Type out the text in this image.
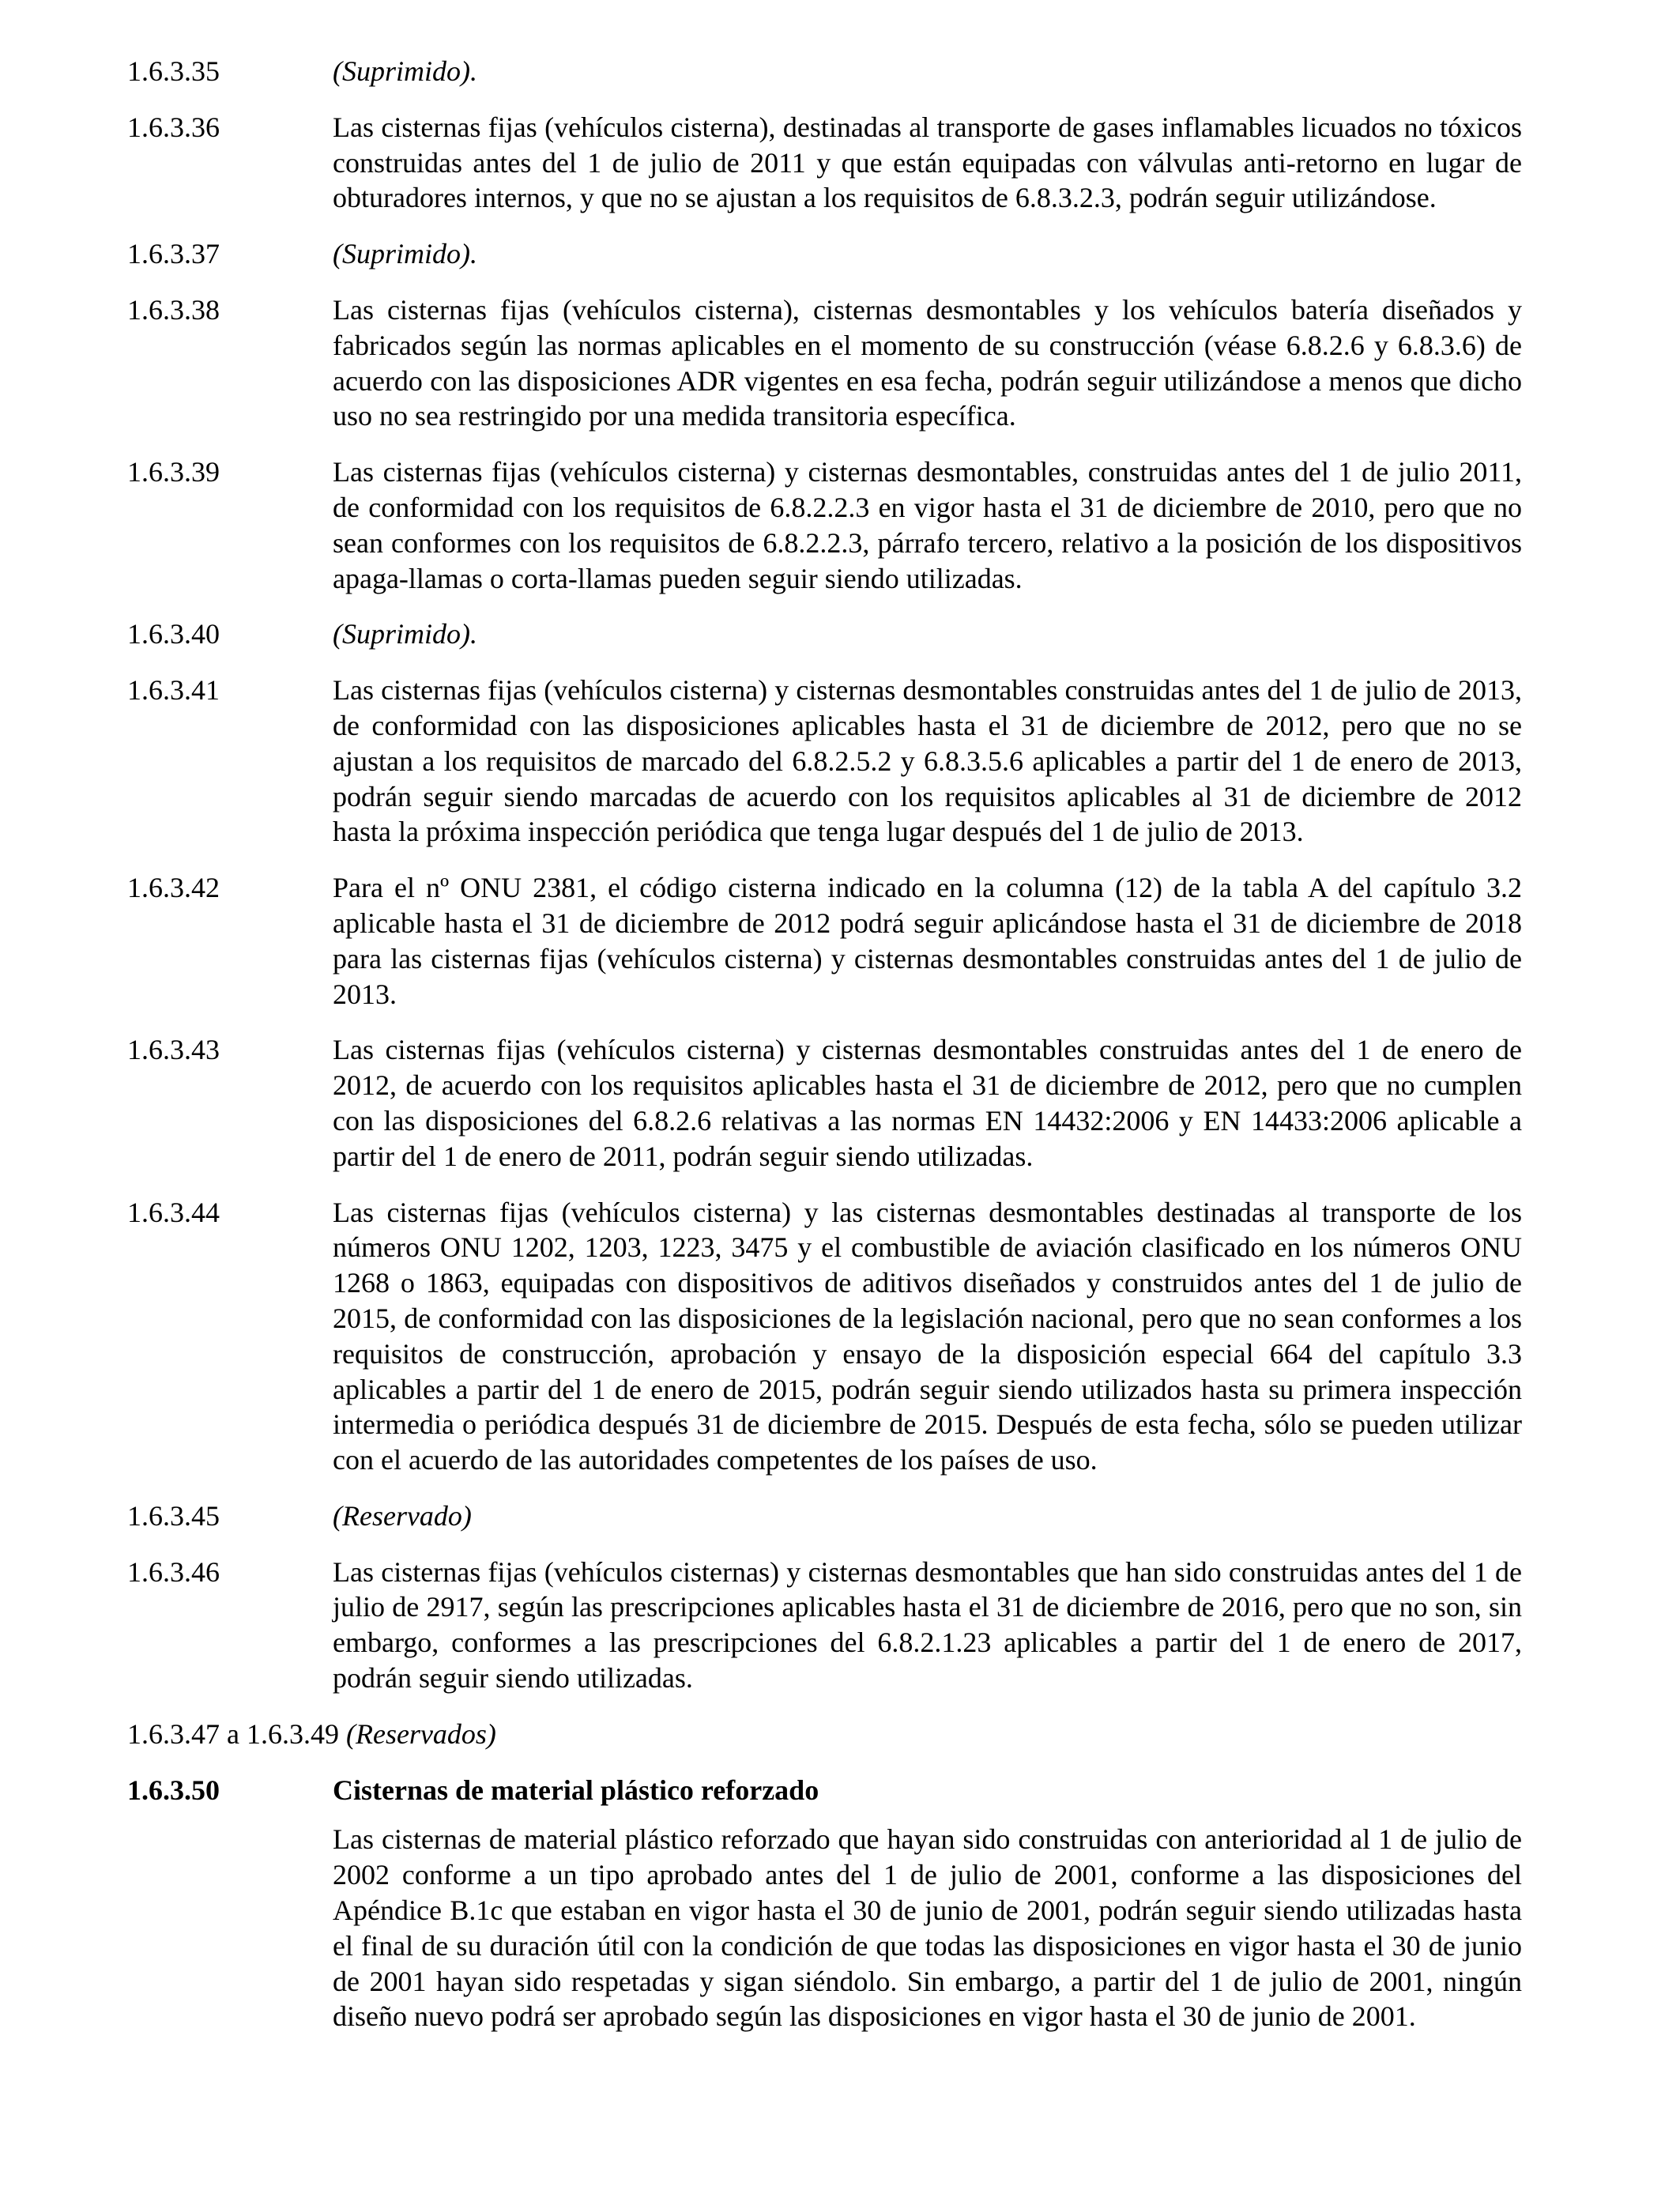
1.6.3.35	(Suprimido).
1.6.3.36	Las cisternas fijas (vehículos cisterna), destinadas al transporte de gases inflamables licuados no tóxicos construidas antes del 1 de julio de 2011 y que están equipadas con válvulas anti-retorno en lugar de obturadores internos, y que no se ajustan a los requisitos de 6.8.3.2.3, podrán seguir utilizándose.
1.6.3.37	(Suprimido).
1.6.3.38	Las cisternas fijas (vehículos cisterna), cisternas desmontables y los vehículos batería diseñados y fabricados según las normas aplicables en el momento de su construcción (véase 6.8.2.6 y 6.8.3.6) de acuerdo con las disposiciones ADR vigentes en esa fecha, podrán seguir utilizándose a menos que dicho uso no sea restringido por una medida transitoria específica.
1.6.3.39	Las cisternas fijas (vehículos cisterna) y cisternas desmontables, construidas antes del 1 de julio 2011, de conformidad con los requisitos de 6.8.2.2.3 en vigor hasta el 31 de diciembre de 2010, pero que no sean conformes con los requisitos de 6.8.2.2.3, párrafo tercero, relativo a la posición de los dispositivos apaga-llamas o corta-llamas pueden seguir siendo utilizadas.
1.6.3.40	(Suprimido).
1.6.3.41	Las cisternas fijas (vehículos cisterna) y cisternas desmontables construidas antes del 1 de julio de 2013, de conformidad con las disposiciones aplicables hasta el 31 de diciembre de 2012, pero que no se ajustan a los requisitos de marcado del 6.8.2.5.2 y 6.8.3.5.6 aplicables a partir del 1 de enero de 2013, podrán seguir siendo marcadas de acuerdo con los requisitos aplicables al 31 de diciembre de 2012 hasta la próxima inspección periódica que tenga lugar después del 1 de julio de 2013.
1.6.3.42	Para el nº ONU 2381, el código cisterna indicado en la columna (12) de la tabla A del capítulo 3.2 aplicable hasta el 31 de diciembre de 2012 podrá seguir aplicándose hasta el 31 de diciembre de 2018 para las cisternas fijas (vehículos cisterna) y cisternas desmontables construidas antes del 1 de julio de 2013.
1.6.3.43	Las cisternas fijas (vehículos cisterna) y cisternas desmontables construidas antes del 1 de enero de 2012, de acuerdo con los requisitos aplicables hasta el 31 de diciembre de 2012, pero que no cumplen con las disposiciones del 6.8.2.6 relativas a las normas EN 14432:2006 y EN 14433:2006 aplicable a partir del 1 de enero de 2011, podrán seguir siendo utilizadas.
1.6.3.44	Las cisternas fijas (vehículos cisterna) y las cisternas desmontables destinadas al transporte de los números ONU 1202, 1203, 1223, 3475 y el combustible de aviación clasificado en los números ONU 1268 o 1863, equipadas con dispositivos de aditivos diseñados y construidos antes del 1 de julio de 2015, de conformidad con las disposiciones de la legislación nacional, pero que no sean conformes a los requisitos de construcción, aprobación y ensayo de la disposición especial 664 del capítulo 3.3 aplicables a partir del 1 de enero de 2015, podrán seguir siendo utilizados hasta su primera inspección intermedia o periódica después 31 de diciembre de 2015. Después de esta fecha, sólo se pueden utilizar con el acuerdo de las autoridades competentes de los países de uso.
1.6.3.45	(Reservado)
1.6.3.46	Las cisternas fijas (vehículos cisternas) y cisternas desmontables que han sido construidas antes del 1 de julio de 2917, según las prescripciones aplicables hasta el 31 de diciembre de 2016, pero que no son, sin embargo, conformes a las prescripciones del 6.8.2.1.23 aplicables a partir del 1 de enero de 2017, podrán seguir siendo utilizadas.
1.6.3.47 a 1.6.3.49 (Reservados)
1.6.3.50	Cisternas de material plástico reforzado
Las cisternas de material plástico reforzado que hayan sido construidas con anterioridad al 1 de julio de 2002 conforme a un tipo aprobado antes del 1 de julio de 2001, conforme a las disposiciones del Apéndice B.1c que estaban en vigor hasta el 30 de junio de 2001, podrán seguir siendo utilizadas hasta el final de su duración útil con la condición de que todas las disposiciones en vigor hasta el 30 de junio de 2001 hayan sido respetadas y sigan siéndolo. Sin embargo, a partir del 1 de julio de 2001, ningún diseño nuevo podrá ser aprobado según las disposiciones en vigor hasta el 30 de junio de 2001.
